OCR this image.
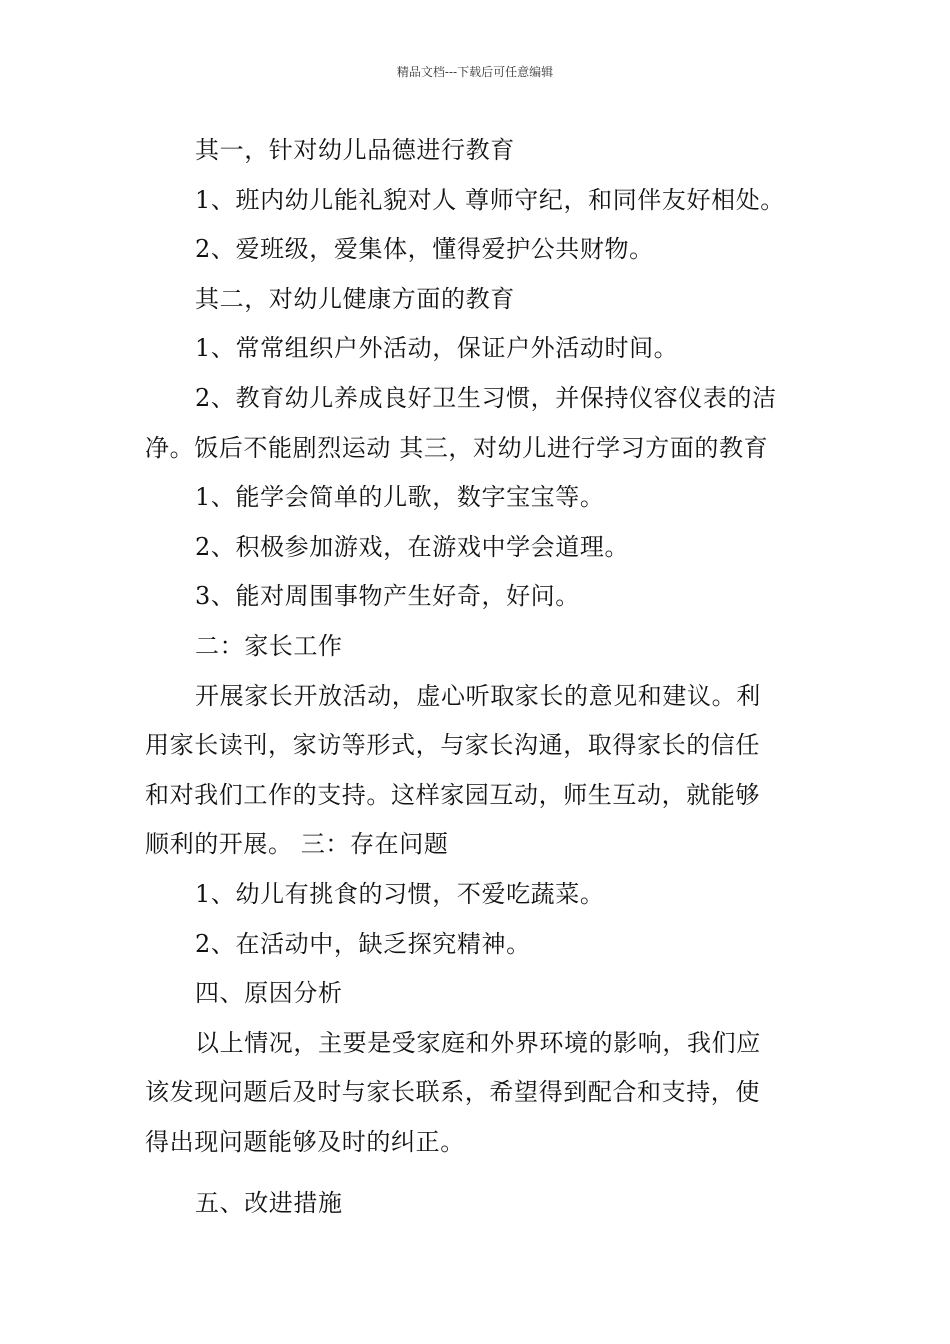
精品文档---下载后可任意编辑
其一，针对幼儿品德进行教育
1、班内幼儿能礼貌对人 尊师守纪，和同伴友好相处。
2、爱班级，爱集体，懂得爱护公共财物。
其二，对幼儿健康方面的教育
1、常常组织户外活动，保证户外活动时间。
2、教育幼儿养成良好卫生习惯，并保持仪容仪表的洁
净。饭后不能剧烈运动 其三，对幼儿进行学习方面的教育
1、能学会简单的儿歌，数字宝宝等。
2、积极参加游戏，在游戏中学会道理。
3、能对周围事物产生好奇，好问。
二：家长工作
开展家长开放活动，虚心听取家长的意见和建议。利
用家长读刊，家访等形式，与家长沟通，取得家长的信任
和对我们工作的支持。这样家园互动，师生互动，就能够
顺利的开展。 三：存在问题
1、幼儿有挑食的习惯，不爱吃蔬菜。
2、在活动中，缺乏探究精神。
四、原因分析
以上情况，主要是受家庭和外界环境的影响，我们应
该发现问题后及时与家长联系，希望得到配合和支持，使
得出现问题能够及时的纠正。
五、改进措施
